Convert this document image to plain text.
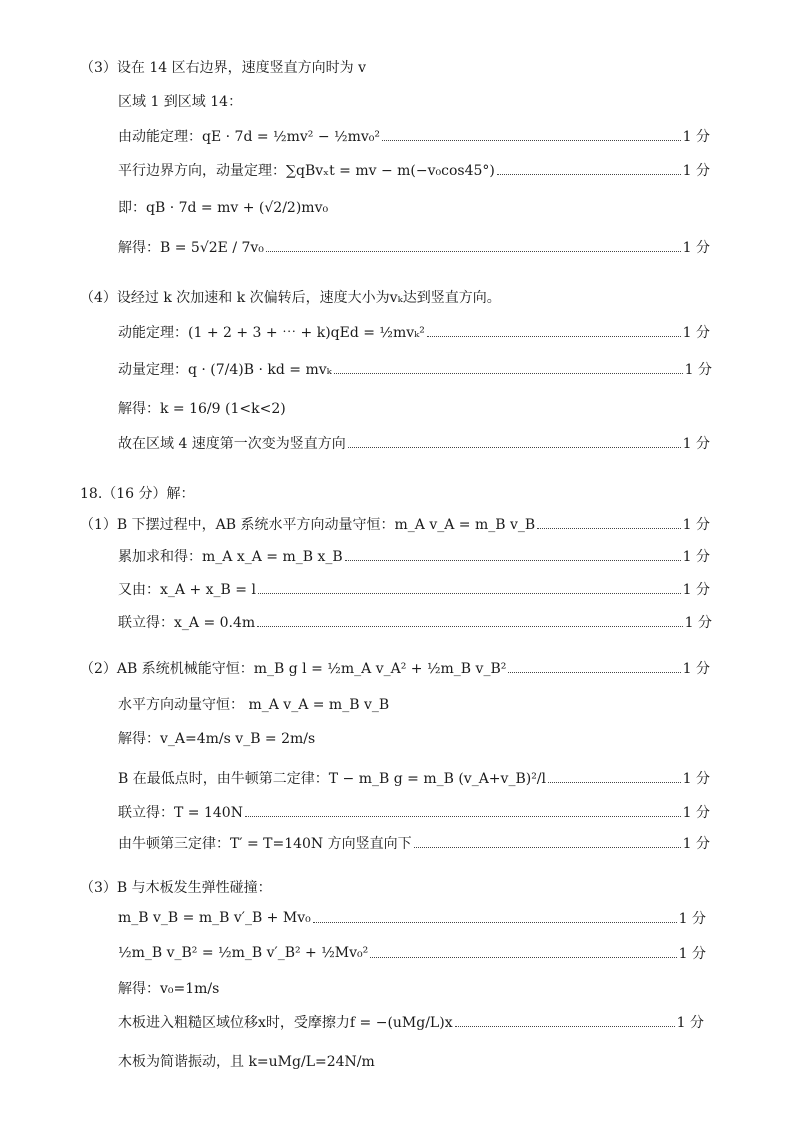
（3）设在 14 区右边界，速度竖直方向时为 v
区域 1 到区域 14：
由动能定理：qE · 7d = ½mv² − ½mv₀²	1 分
平行边界方向，动量定理：∑qBvₓt = mv − m(−v₀cos45°)	1 分
即：qB · 7d = mv + (√2/2)mv₀
解得：B = 5√2E / 7v₀	1 分
（4）设经过 k 次加速和 k 次偏转后，速度大小为vₖ达到竖直方向。
动能定理：(1 + 2 + 3 + ⋯ + k)qEd = ½mvₖ²	1 分
动量定理：q · (7/4)B · kd = mvₖ	1 分
解得：k = 16/9 (1<k<2)
故在区域 4 速度第一次变为竖直方向	1 分
18.（16 分）解：
（1）B 下摆过程中，AB 系统水平方向动量守恒：m_A v_A = m_B v_B	1 分
累加求和得：m_A x_A = m_B x_B	1 分
又由：x_A + x_B = l	1 分
联立得：x_A = 0.4m	1 分
（2）AB 系统机械能守恒：m_B g l = ½m_A v_A² + ½m_B v_B²	1 分
水平方向动量守恒： m_A v_A = m_B v_B
解得：v_A=4m/s v_B = 2m/s
B 在最低点时，由牛顿第二定律：T − m_B g = m_B (v_A+v_B)²/l	1 分
联立得：T = 140N	1 分
由牛顿第三定律：T′ = T=140N 方向竖直向下	1 分
（3）B 与木板发生弹性碰撞：
m_B v_B = m_B v′_B + Mv₀	1 分
½m_B v_B² = ½m_B v′_B² + ½Mv₀²	1 分
解得：v₀=1m/s
木板进入粗糙区域位移x时，受摩擦力f = −(uMg/L)x	1 分
木板为简谐振动，且 k=uMg/L=24N/m
